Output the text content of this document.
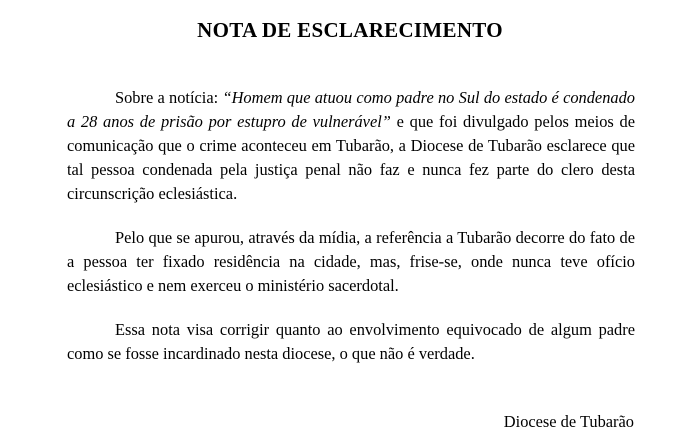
NOTA DE ESCLARECIMENTO

Sobre a notícia: “Homem que atuou como padre no Sul do estado é condenado a 28 anos de prisão por estupro de vulnerável” e que foi divulgado pelos meios de comunicação que o crime aconteceu em Tubarão, a Diocese de Tubarão esclarece que tal pessoa condenada pela justiça penal não faz e nunca fez parte do clero desta circunscrição eclesiástica.

Pelo que se apurou, através da mídia, a referência a Tubarão decorre do fato de a pessoa ter fixado residência na cidade, mas, frise-se, onde nunca teve ofício eclesiástico e nem exerceu o ministério sacerdotal.

Essa nota visa corrigir quanto ao envolvimento equivocado de algum padre como se fosse incardinado nesta diocese, o que não é verdade.

Diocese de Tubarão
